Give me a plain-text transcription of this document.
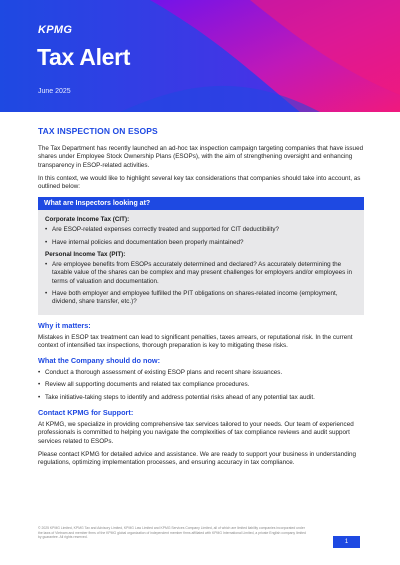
KPMG
Tax Alert
June 2025
TAX INSPECTION ON ESOPS

The Tax Department has recently launched an ad-hoc tax inspection campaign targeting companies that have issued shares under Employee Stock Ownership Plans (ESOPs), with the aim of strengthening oversight and enhancing transparency in ESOP-related activities.

In this context, we would like to highlight several key tax considerations that companies should take into account, as outlined below:

What are Inspectors looking at?
Corporate Income Tax (CIT):
• Are ESOP-related expenses correctly treated and supported for CIT deductibility?
• Have internal policies and documentation been properly maintained?
Personal Income Tax (PIT):
• Are employee benefits from ESOPs accurately determined and declared? As accurately determining the taxable value of the shares can be complex and may present challenges for employers and/or employees in terms of valuation and documentation.
• Have both employer and employee fulfilled the PIT obligations on shares-related income (employment, dividend, share transfer, etc.)?
Why it matters:

Mistakes in ESOP tax treatment can lead to significant penalties, taxes arrears, or reputational risk. In the current context of intensified tax inspections, thorough preparation is key to mitigating these risks.

What the Company should do now:
• Conduct a thorough assessment of existing ESOP plans and recent share issuances.
• Review all supporting documents and related tax compliance procedures.
• Take initiative-taking steps to identify and address potential risks ahead of any potential tax audit.
Contact KPMG for Support:

At KPMG, we specialize in providing comprehensive tax services tailored to your needs. Our team of experienced professionals is committed to helping you navigate the complexities of tax compliance reviews and audit support services related to ESOPs.

Please contact KPMG for detailed advice and assistance. We are ready to support your business in understanding regulations, optimizing implementation processes, and ensuring accuracy in tax compliance.

© 2025 KPMG Limited, KPMG Tax and Advisory Limited, KPMG Law Limited and KPMG Services Company Limited, all of which are limited liability companies incorporated under the laws of Vietnam and member firms of the KPMG global organization of independent member firms affiliated with KPMG International Limited, a private English company limited by guarantee. All rights reserved.
1
